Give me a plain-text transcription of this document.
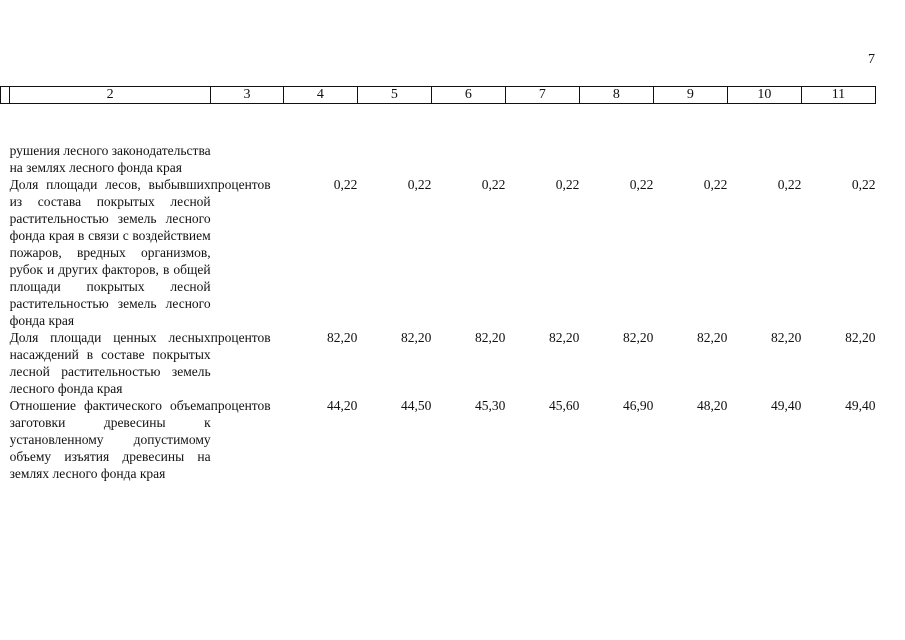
7
	2	3	4	5	6	7	8	9	10	11
	рушения лесного законодательства на землях лесного фонда края									
	Доля площади лесов, выбывших из состава покрытых лесной растительностью земель лесного фонда края в связи с воздействием пожаров, вредных организмов, рубок и других факторов, в общей площади покрытых лесной растительностью земель лесного фонда края	процентов	0,22	0,22	0,22	0,22	0,22	0,22	0,22	0,22
	Доля площади ценных лесных насаждений в составе покрытых лесной растительностью земель лесного фонда края	процентов	82,20	82,20	82,20	82,20	82,20	82,20	82,20	82,20
	Отношение фактического объема заготовки древесины к установленному допустимому объему изъятия древесины на землях лесного фонда края	процентов	44,20	44,50	45,30	45,60	46,90	48,20	49,40	49,40
